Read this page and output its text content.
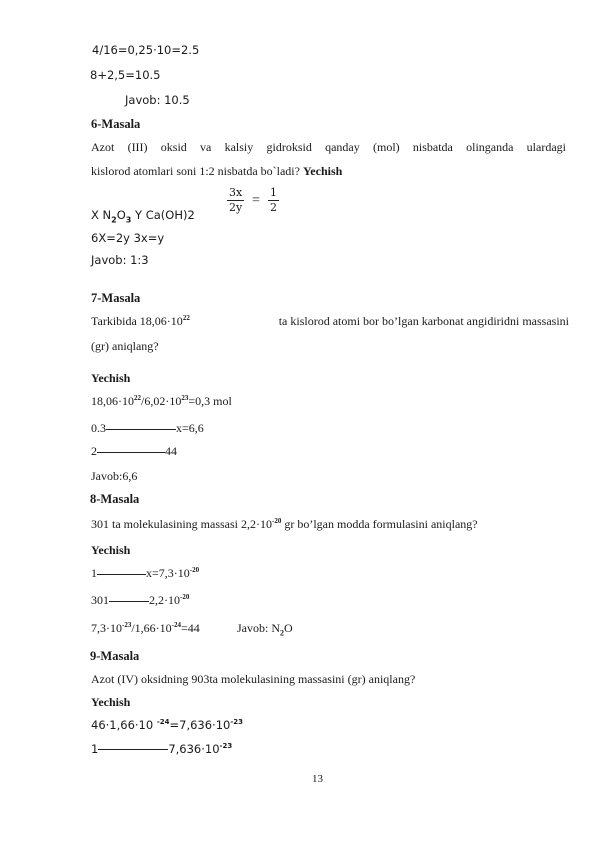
4/16=0,25·10=2.5
8+2,5=10.5
Javob: 10.5
6-Masala
Azot (III) oksid va kalsiy gidroksid qanday (mol) nisbatda olinganda ulardagi
kislorod atomlari soni 1:2 nisbatda bo`ladi? Yechish
X $N_2O_3$ Y Ca(OH)2
$\frac{3x}{2y} = \frac{1}{2}$
6X=2y 3x=y
Javob: 1:3
7-Masala
Tarkibida $18,06\cdot 10^{22}$	ta kislorod atomi bor bo’lgan karbonat angidiridni massasini
(gr) aniqlang?
Yechish
$18,06\cdot 10^{22}/6,02\cdot 10^{23}=0,3$ mol
0.3	x=6,6
2	44
Javob:6,6
8-Masala
301 ta molekulasining massasi $2,2\cdot 10^{-20}$ gr bo’lgan modda formulasini aniqlang?
Yechish
1	$x=7,3\cdot 10^{-20}$
301	$2,2\cdot 10^{-20}$
$7,3\cdot 10^{-23}/1,66\cdot 10^{-24}=44$	Javob: $N_2O$
9-Masala
Azot (IV) oksidning 903ta molekulasining massasini (gr) aniqlang?
Yechish
46·1,66·10 $^{-24}=7,636\cdot 10^{-23}$
1	$7,636\cdot 10^{-23}$
13
